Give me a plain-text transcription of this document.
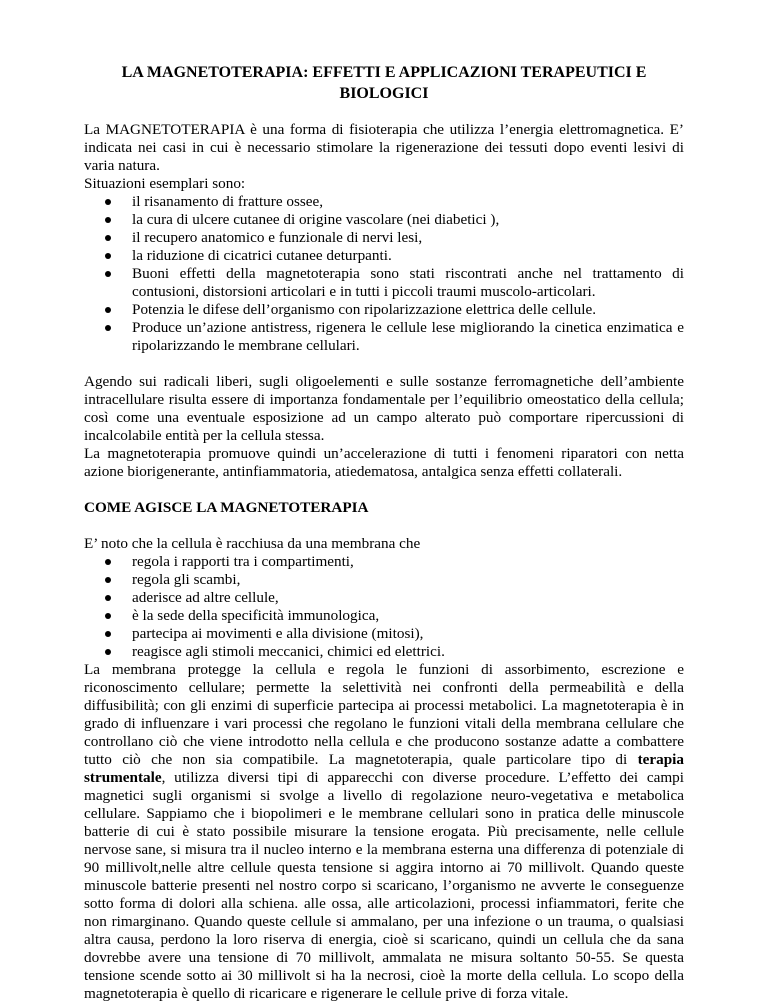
LA MAGNETOTERAPIA: EFFETTI E APPLICAZIONI TERAPEUTICI E BIOLOGICI

La MAGNETOTERAPIA è una forma di fisioterapia che utilizza l’energia elettromagnetica. E’ indicata nei casi in cui è necessario stimolare la rigenerazione dei tessuti dopo eventi lesivi di varia natura.

Situazioni esemplari sono:

il risanamento di fratture ossee,
la cura di ulcere cutanee di origine vascolare (nei diabetici ),
il recupero anatomico e funzionale di nervi lesi,
la riduzione di cicatrici cutanee deturpanti.
Buoni effetti della magnetoterapia sono stati riscontrati anche nel trattamento di contusioni, distorsioni articolari e in tutti i piccoli traumi muscolo-articolari.
Potenzia le difese dell’organismo con ripolarizzazione elettrica delle cellule.
Produce un’azione antistress, rigenera le cellule lese migliorando la cinetica enzimatica e ripolarizzando le membrane cellulari.

Agendo sui radicali liberi, sugli oligoelementi e sulle sostanze ferromagnetiche dell’ambiente intracellulare risulta essere di importanza fondamentale per l’equilibrio omeostatico della cellula; così come una eventuale esposizione ad un campo alterato può comportare ripercussioni di incalcolabile entità per la cellula stessa.

La magnetoterapia promuove quindi un’accelerazione di tutti i fenomeni riparatori con netta azione biorigenerante, antinfiammatoria, atiedematosa, antalgica senza effetti collaterali.

COME AGISCE LA MAGNETOTERAPIA

E’ noto che la cellula è racchiusa da una membrana che

regola i rapporti tra i compartimenti,
regola gli scambi,
aderisce ad altre cellule,
è la sede della specificità immunologica,
partecipa ai movimenti e alla divisione (mitosi),
reagisce agli stimoli meccanici, chimici ed elettrici.

La membrana protegge la cellula e regola le funzioni di assorbimento, escrezione e riconoscimento cellulare; permette la selettività nei confronti della permeabilità e della diffusibilità; con gli enzimi di superficie partecipa ai processi metabolici. La magnetoterapia è in grado di influenzare i vari processi che regolano le funzioni vitali della membrana cellulare che controllano ciò che viene introdotto nella cellula e che producono sostanze adatte a combattere tutto ciò che non sia compatibile. La magnetoterapia, quale particolare tipo di terapia strumentale, utilizza diversi tipi di apparecchi con diverse procedure. L’effetto dei campi magnetici sugli organismi si svolge a livello di regolazione neuro-vegetativa e metabolica cellulare. Sappiamo che i biopolimeri e le membrane cellulari sono in pratica delle minuscole batterie di cui è stato possibile misurare la tensione erogata. Più precisamente, nelle cellule nervose sane, si misura tra il nucleo interno e la membrana esterna una differenza di potenziale di 90 millivolt,nelle altre cellule questa tensione si aggira intorno ai 70 millivolt. Quando queste minuscole batterie presenti nel nostro corpo si scaricano, l’organismo ne avverte le conseguenze sotto forma di dolori alla schiena. alle ossa, alle articolazioni, processi infiammatori, ferite che non rimarginano. Quando queste cellule si ammalano, per una infezione o un trauma, o qualsiasi altra causa, perdono la loro riserva di energia, cioè si scaricano, quindi un cellula che da sana dovrebbe avere una tensione di 70 millivolt, ammalata ne misura soltanto 50-55. Se questa tensione scende sotto ai 30 millivolt si ha la necrosi, cioè la morte della cellula. Lo scopo della magnetoterapia è quello di ricaricare e rigenerare le cellule prive di forza vitale.
